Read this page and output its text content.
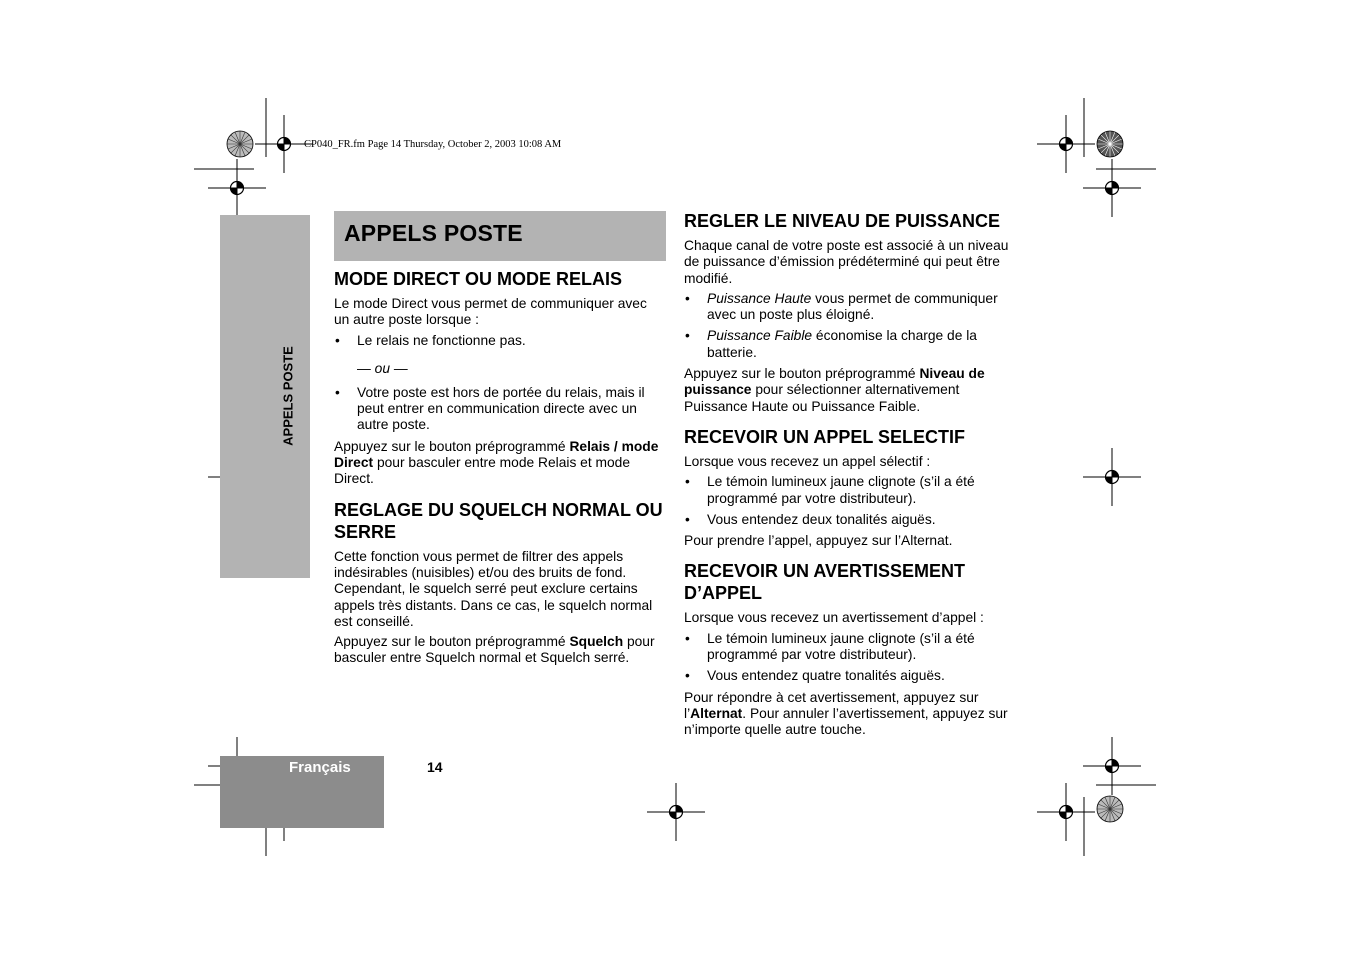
CP040_FR.fm Page 14 Thursday, October 2, 2003 10:08 AM
APPELS POSTE
Français	14
APPELS POSTE
MODE DIRECT OU MODE RELAIS

Le mode Direct vous permet de communiquer avec un autre poste lorsque :

• Le relais ne fonctionne pas.
— ou —
• Votre poste est hors de portée du relais, mais il peut entrer en communication directe avec un autre poste.

Appuyez sur le bouton préprogrammé Relais / mode Direct pour basculer entre mode Relais et mode Direct.

REGLAGE DU SQUELCH NORMAL OU SERRE

Cette fonction vous permet de filtrer des appels indésirables (nuisibles) et/ou des bruits de fond. Cependant, le squelch serré peut exclure certains appels très distants. Dans ce cas, le squelch normal est conseillé.

Appuyez sur le bouton préprogrammé Squelch pour basculer entre Squelch normal et Squelch serré.

REGLER LE NIVEAU DE PUISSANCE

Chaque canal de votre poste est associé à un niveau de puissance d’émission prédéterminé qui peut être modifié.

• Puissance Haute vous permet de communiquer avec un poste plus éloigné.
• Puissance Faible économise la charge de la batterie.

Appuyez sur le bouton préprogrammé Niveau de puissance pour sélectionner alternativement Puissance Haute ou Puissance Faible.

RECEVOIR UN APPEL SELECTIF

Lorsque vous recevez un appel sélectif :

• Le témoin lumineux jaune clignote (s’il a été programmé par votre distributeur).
• Vous entendez deux tonalités aiguës.

Pour prendre l’appel, appuyez sur l’Alternat.

RECEVOIR UN AVERTISSEMENT D’APPEL

Lorsque vous recevez un avertissement d’appel :

• Le témoin lumineux jaune clignote (s’il a été programmé par votre distributeur).
• Vous entendez quatre tonalités aiguës.

Pour répondre à cet avertissement, appuyez sur l’Alternat. Pour annuler l’avertissement, appuyez sur n’importe quelle autre touche.
